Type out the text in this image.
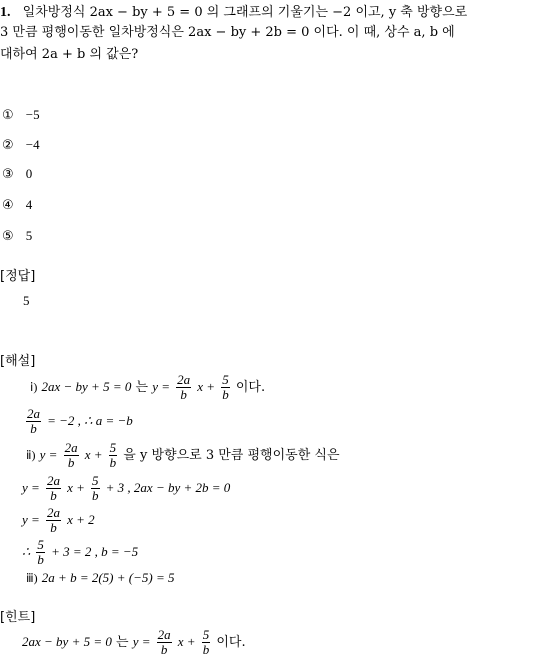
1. 일차방정식 2ax − by + 5 = 0 의 그래프의 기울기는 −2 이고, y 축 방향으로
3 만큼 평행이동한 일차방정식은 2ax − by + 2b = 0 이다. 이 때, 상수 a, b 에
대하여 2a + b 의 값은?
① −5
② −4
③ 0
④ 4
⑤ 5
[정답]
5
[해설]
ⅰ) 2ax − by + 5 = 0 는 $y = \frac{2a}{b}$ $x + \frac{5}{b}$ 이다.
$\frac{2a}{b} = -2$ , ∴ a = −b
ⅱ) $y = \frac{2a}{b}$ $x + \frac{5}{b}$ 을 y 방향으로 3 만큼 평행이동한 식은
$y = \frac{2a}{b}$ $x + \frac{5}{b} + 3$ , 2ax − by + 2b = 0
$y = \frac{2a}{b}$ x + 2
∴ $\frac{5}{b} + 3 = 2$ , b = −5
ⅲ) 2a + b = 2(5) + (−5) = 5
[힌트]
2ax − by + 5 = 0 는 $y = \frac{2a}{b}$ $x + \frac{5}{b}$ 이다.
